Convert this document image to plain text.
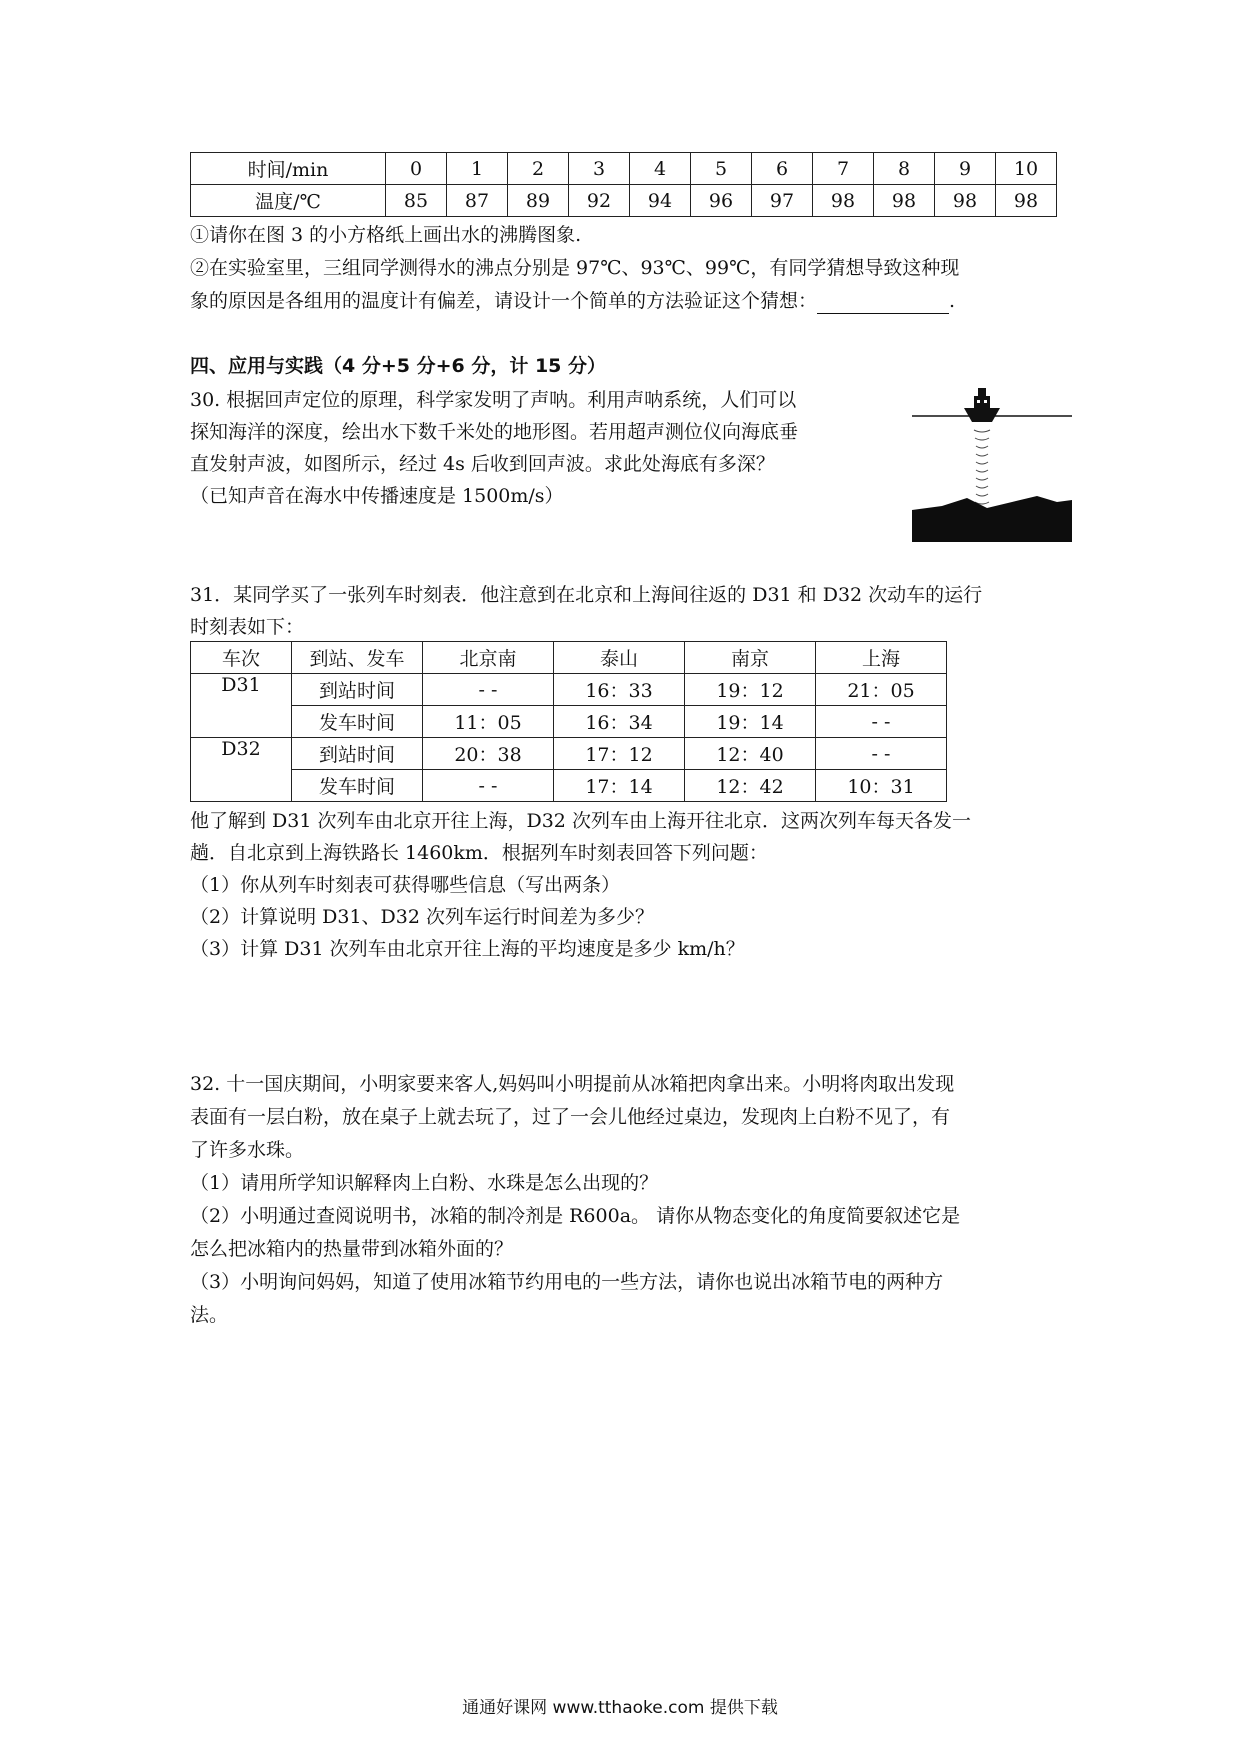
时间/min	0	1	2	3	4	5	6	7	8	9	10
温度/℃	85	87	89	92	94	96	97	98	98	98	98
①请你在图 3 的小方格纸上画出水的沸腾图象.
②在实验室里，三组同学测得水的沸点分别是 97℃、93℃、99℃，有同学猜想导致这种现
象的原因是各组用的温度计有偏差，请设计一个简单的方法验证这个猜想：	.
四、应用与实践（4 分+5 分+6 分，计 15 分）
30. 根据回声定位的原理，科学家发明了声呐。利用声呐系统，人们可以
探知海洋的深度，绘出水下数千米处的地形图。若用超声测位仪向海底垂
直发射声波，如图所示，经过 4s 后收到回声波。求此处海底有多深？
（已知声音在海水中传播速度是 1500m/s）
31．某同学买了一张列车时刻表．他注意到在北京和上海间往返的 D31 和 D32 次动车的运行
时刻表如下：
车次	到站、发车	北京南	泰山	南京	上海
D31	到站时间	- -	16：33	19：12	21：05
	发车时间	11：05	16：34	19：14	- -
D32	到站时间	20：38	17：12	12：40	- -
	发车时间	- -	17：14	12：42	10：31
他了解到 D31 次列车由北京开往上海，D32 次列车由上海开往北京．这两次列车每天各发一
趟．自北京到上海铁路长 1460km．根据列车时刻表回答下列问题：
（1）你从列车时刻表可获得哪些信息（写出两条）
（2）计算说明 D31、D32 次列车运行时间差为多少？
（3）计算 D31 次列车由北京开往上海的平均速度是多少 km/h？
32. 十一国庆期间，小明家要来客人,妈妈叫小明提前从冰箱把肉拿出来。小明将肉取出发现
表面有一层白粉，放在桌子上就去玩了，过了一会儿他经过桌边，发现肉上白粉不见了，有
了许多水珠。
（1）请用所学知识解释肉上白粉、水珠是怎么出现的？
（2）小明通过查阅说明书，冰箱的制冷剂是 R600a。 请你从物态变化的角度简要叙述它是
怎么把冰箱内的热量带到冰箱外面的？
（3）小明询问妈妈，知道了使用冰箱节约用电的一些方法，请你也说出冰箱节电的两种方
法。
通通好课网 www.tthaoke.com 提供下载
